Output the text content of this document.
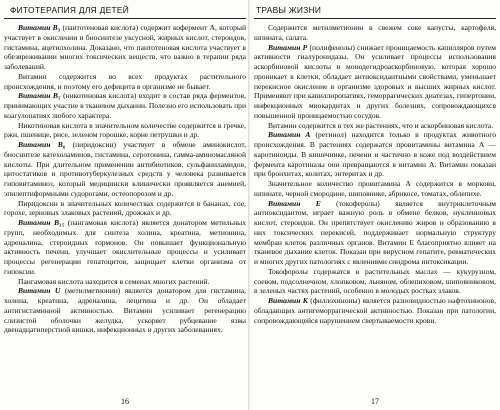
ФИТОТЕРАПИЯ ДЛЯ ДЕТЕЙ

Витамин В₃ (пантотеновая кислота) содержит кофермент А, который участвует в окислении и биосинтезе уксусной, жирных кислот, стероидов, гистамина, ацетилхолина. Доказано, что пантотеновая кислота участвует в обезвреживании многих токсических веществ, что важно в терапии ряда заболеваний.

Витамин содержится во всех продуктах растительного происхождения, и поэтому его дефицита в организме не бывает.

Витамин В₅ (никотиновая кислота) входит в состав ряда ферментов, принимающих участие в тканевом дыхании. Полезно его использовать при коагулопатиях любого характера.

Никотиновая кислота в значительном количестве содержится в гречке, ржи, пшенице, рисе, зеленом горошке, корне петрушки и др.

Витамин В₆ (пиридоксин) участвует в обмене аминокислот, биосинтезе катехоламинов, гистамина, серотонина, гамма-аминомасляной кислоты. При длительном применении антибиотиков, сульфаниламидов, цитостатиков и противотуберкулезных средств у человека развивается гиповитаминоз, который медицински клинически проявляется анемией, эпилептиформными судорогами, остеопорозом и др.

Пиридоксин в значительных количествах содержится в бананах, сое, горохе, зерновых злаковых растений, дрожжах и др.

Витамин В₁₅ (пангамовая кислота) является донатором метильных групп, необходимых для синтеза холина, креатина, метионина, адреналина, стероидных гормонов. Он повышает функциональную активность печени, улучшает окислительные процессы и усиливает процессы регенерации гепатоцитов, защищает клетки организма от гипоксии.

Пангамовая кислота находится в семенах многих растений.

Витамин U (метилметионин) является донатором для гистамина, холина, креатина, адреналина, лецитина и др. Он обладает антигистаминной активностью. Витамин усиливает регенерацию слизистой оболочки желудка, ускоряет рубцевание язвы двенадцатиперстной кишки, инфекционных и других заболеваниях.

16
ТРАВЫ ЖИЗНИ

Содержится метилметионин в свежем соке капусты, картофеля, шпината, салата.

Витамин Р (полифенолы) снижает проницаемость капилляров путем активности гиалуронидазы. Он усиливает процессы использования аскорбиновой кислоты в монодегидроаскорбиновую, которая хорошо проникает в клетки, обладает антиоксидантными свойствами, уменьшает перекисное окисление в организме здоровых и высших жирных кислот. Применяют при капиллиропатиях, геморрагических диатезах, гипертонии, инфекционных миокардитах и других болезнях, сопровождающихся повышенной проницаемостью сосудов.

Витамин содержится в тех же растениях, что и аскорбиновая кислота.

Витамин А (ретинол) находится только в продуктах животного происхождения. В растениях содержатся провитамины витамина А — каротиноиды. В кишечнике, печени и частично в коже под воздействием фермента каротиназы они превращаются в витамин А. Витамин показан при бронхитах, колитах, энтеритах и др.

Значительное количество провитамина А содержится в моркови, шпинате, черной смородине, шиповнике, абрикосе, томатах, облепихе.

Витамин Е (токоферолы) является внутриклеточным антиоксидантом, играет важную роль в обмене белков, нуклеиновых кислот, стероидов. Он препятствует окислению жиров и образованию в них токсических перекисей, поддерживает нормальную структуру мембран клеток различных органов. Витамин Е благоприятно влияет на тканевое дыхание клеток. Показан при вирусном гепатите, ревматических и многих других патологиях с явлениями синдрома интоксикации.

Токофоролы содержатся в растительных маслах — кукурузном, соевом, подсолнечном, хлопковом, льняном, облепиховом, шиповниковом, в зеленых частях растений, особенно в молодых ростках злаков.

Витамин К (филлохиноны) является разновидностью нафтохинонов, обладающих антигеморрагической активностью. Показан при патологии, сопровождающейся нарушением свертываемости крови.

17
